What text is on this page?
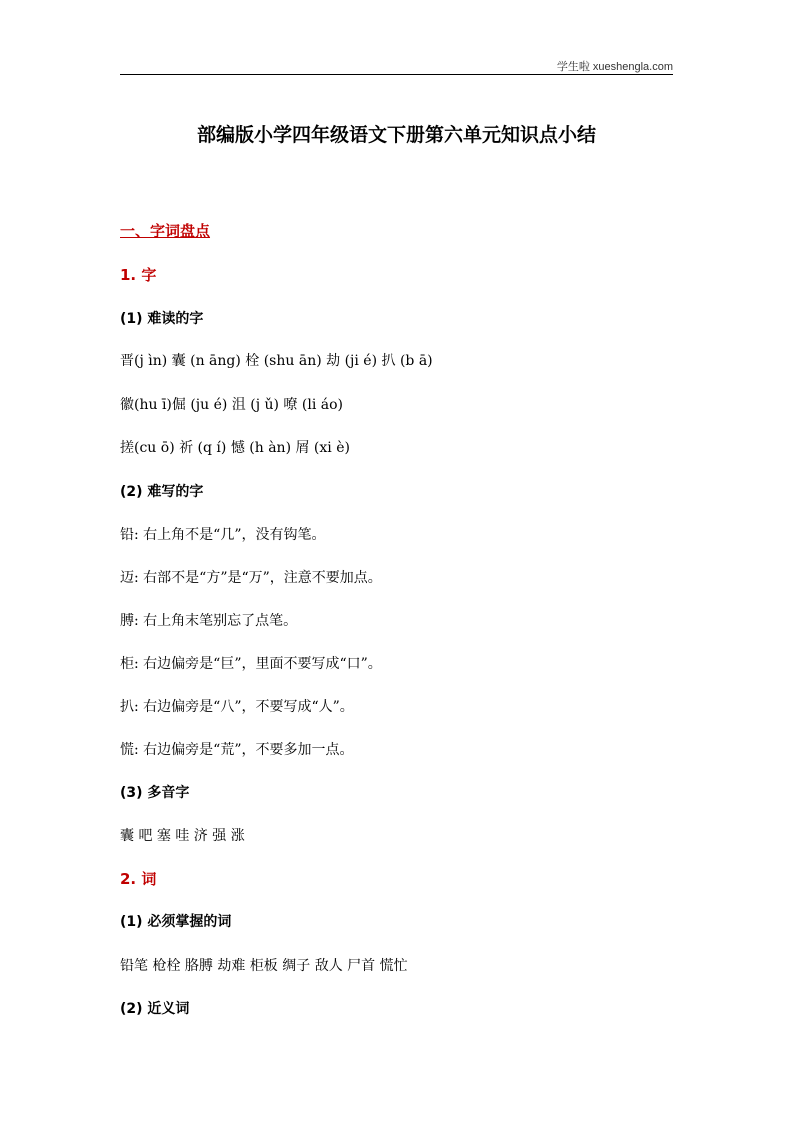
学生啦 xueshengla.com
部编版小学四年级语文下册第六单元知识点小结
一、字词盘点
1. 字
(1) 难读的字
晋(j ìn) 囊 (n āng) 栓 (shu ān) 劫 (ji é) 扒 (b ā)
徽(hu ī)倔 (ju é) 沮 (j ǔ) 嘹 (li áo)
搓(cu ō) 祈 (q í) 憾 (h àn) 屑 (xi è)
(2) 难写的字
铅: 右上角不是“几”，没有钩笔。
迈: 右部不是“方”是“万”，注意不要加点。
膊: 右上角末笔别忘了点笔。
柜: 右边偏旁是“巨”，里面不要写成“口”。
扒: 右边偏旁是“八”，不要写成“人”。
慌: 右边偏旁是“荒”，不要多加一点。
(3) 多音字
囊 吧 塞 哇 济 强 涨
2. 词
(1) 必须掌握的词
铅笔 枪栓 胳膊 劫难 柜板 绸子 敌人 尸首 慌忙
(2) 近义词
